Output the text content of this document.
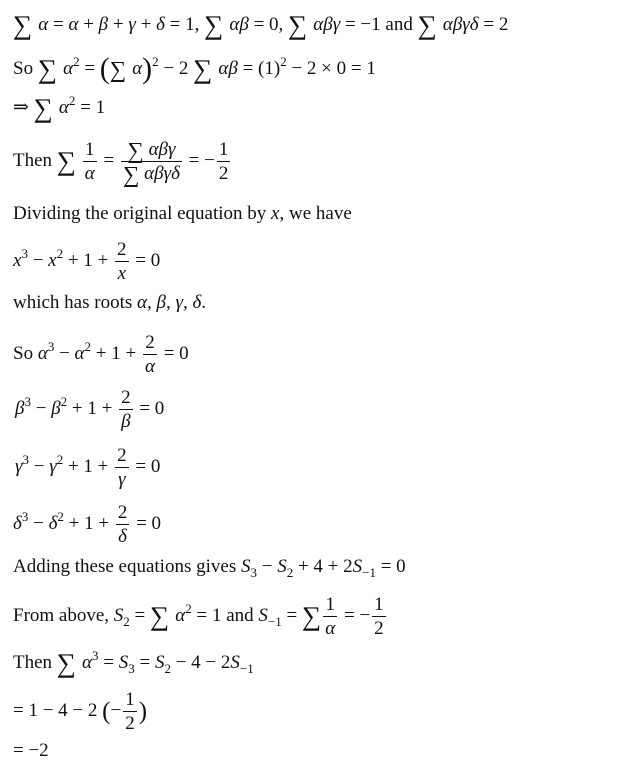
∑ α = α + β + γ + δ = 1, ∑ αβ = 0, ∑ αβγ = −1 and ∑ αβγδ = 2
So ∑ $\alpha^2$ = (∑ α)$^2$ − 2 ∑ $\alpha\beta = (1)^2 - 2 \times 0 = 1$
⇒ ∑ $\alpha^2 = 1$
Then ∑ $\frac{1}{\alpha} = \frac{\text{∑ αβγ}}{\text{∑ αβγδ}}$ = − $\frac{1}{2}$
Dividing the original equation by x, we have
$x^3 - x^2 + 1 + \frac{2}{x} = 0$
which has roots α, β, γ, δ.
So $\alpha^3 - \alpha^2 + 1 + \frac{2}{\alpha} = 0$
$\beta^3 - \beta^2 + 1 + \frac{2}{\beta} = 0$
$\gamma^3 - \gamma^2 + 1 + \frac{2}{\gamma} = 0$
$\delta^3 - \delta^2 + 1 + \frac{2}{\delta} = 0$
Adding these equations gives $S_3 - S_2 + 4 + 2S_{-1} = 0$
From above, $S_2$ = ∑ $\alpha^2 = 1$ and $S_{-1}$ = ∑ $\frac{1}{\alpha}$ = − $\frac{1}{2}$
Then ∑ $\alpha^3 = S_3 = S_2 - 4 - 2S_{-1}$
= 1 − 4 − 2 (− $\frac{1}{2}$ )
= −2
